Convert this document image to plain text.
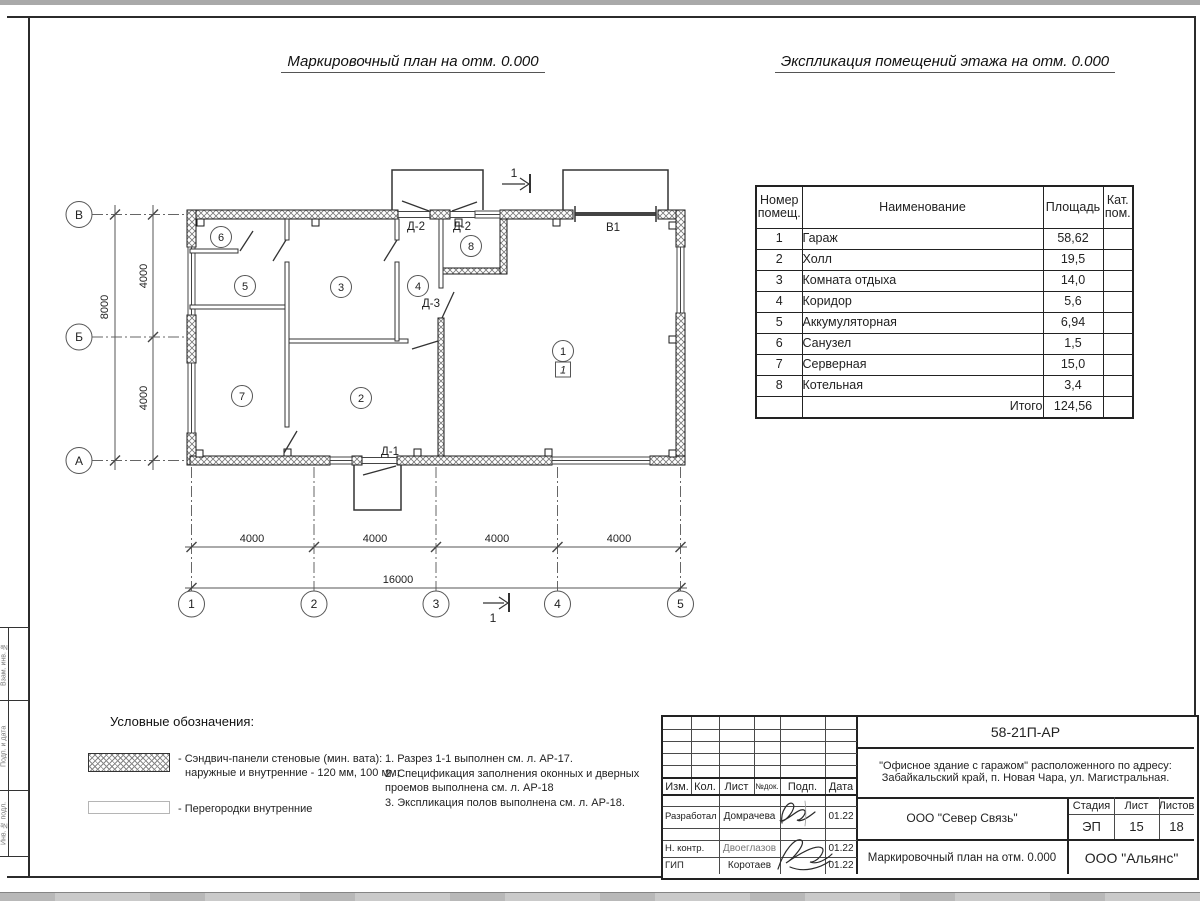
Взам. инв. №
Подп. и дата
Инв. № подл.
Маркировочный план на отм. 0.000	Экспликация помещений этажа на отм. 0.000
4000	4000	4000	4000
16000
4000
4000
8000
1	2	3	4	5
В
Б
А
1
2
3	4
5
6
7
8
1
Д-2 Д-2	В1
Д-3
Д-1
1
1
Номер помещ.	Наименование	Площадь	Кат. пом.
1	Гараж	58,62	
2	Холл	19,5	
3	Комната отдыха	14,0	
4	Коридор	5,6	
5	Аккумуляторная	6,94	
6	Санузел	1,5	
7	Серверная	15,0	
8	Котельная	3,4	
	Итого	124,56	
Условные обозначения:
- Сэндвич-панели стеновые (мин. вата):
наружные и внутренние - 120 мм, 100 мм;
- Перегородки внутренние
1. Разрез 1-1 выполнен см. л. АР-17.
2. Спецификация заполнения оконных и дверных
проемов выполнена см. л. АР-18
3. Экспликация полов выполнена см. л. АР-18.
Изм. Кол. Лист №док. Подп.	Дата
Разработал Домрачева	01.22
Н. контр.	Двоеглазов	01.22
ГИП	Коротаев	01.22
58-21П-АР
"Офисное здание с гаражом" расположенного по адресу:
Забайкальский край, п. Новая Чара, ул. Магистральная.
ООО "Север Связь"
Стадия	Лист Листов
ЭП	15	18
Маркировочный план на отм. 0.000	ООО "Альянс"
